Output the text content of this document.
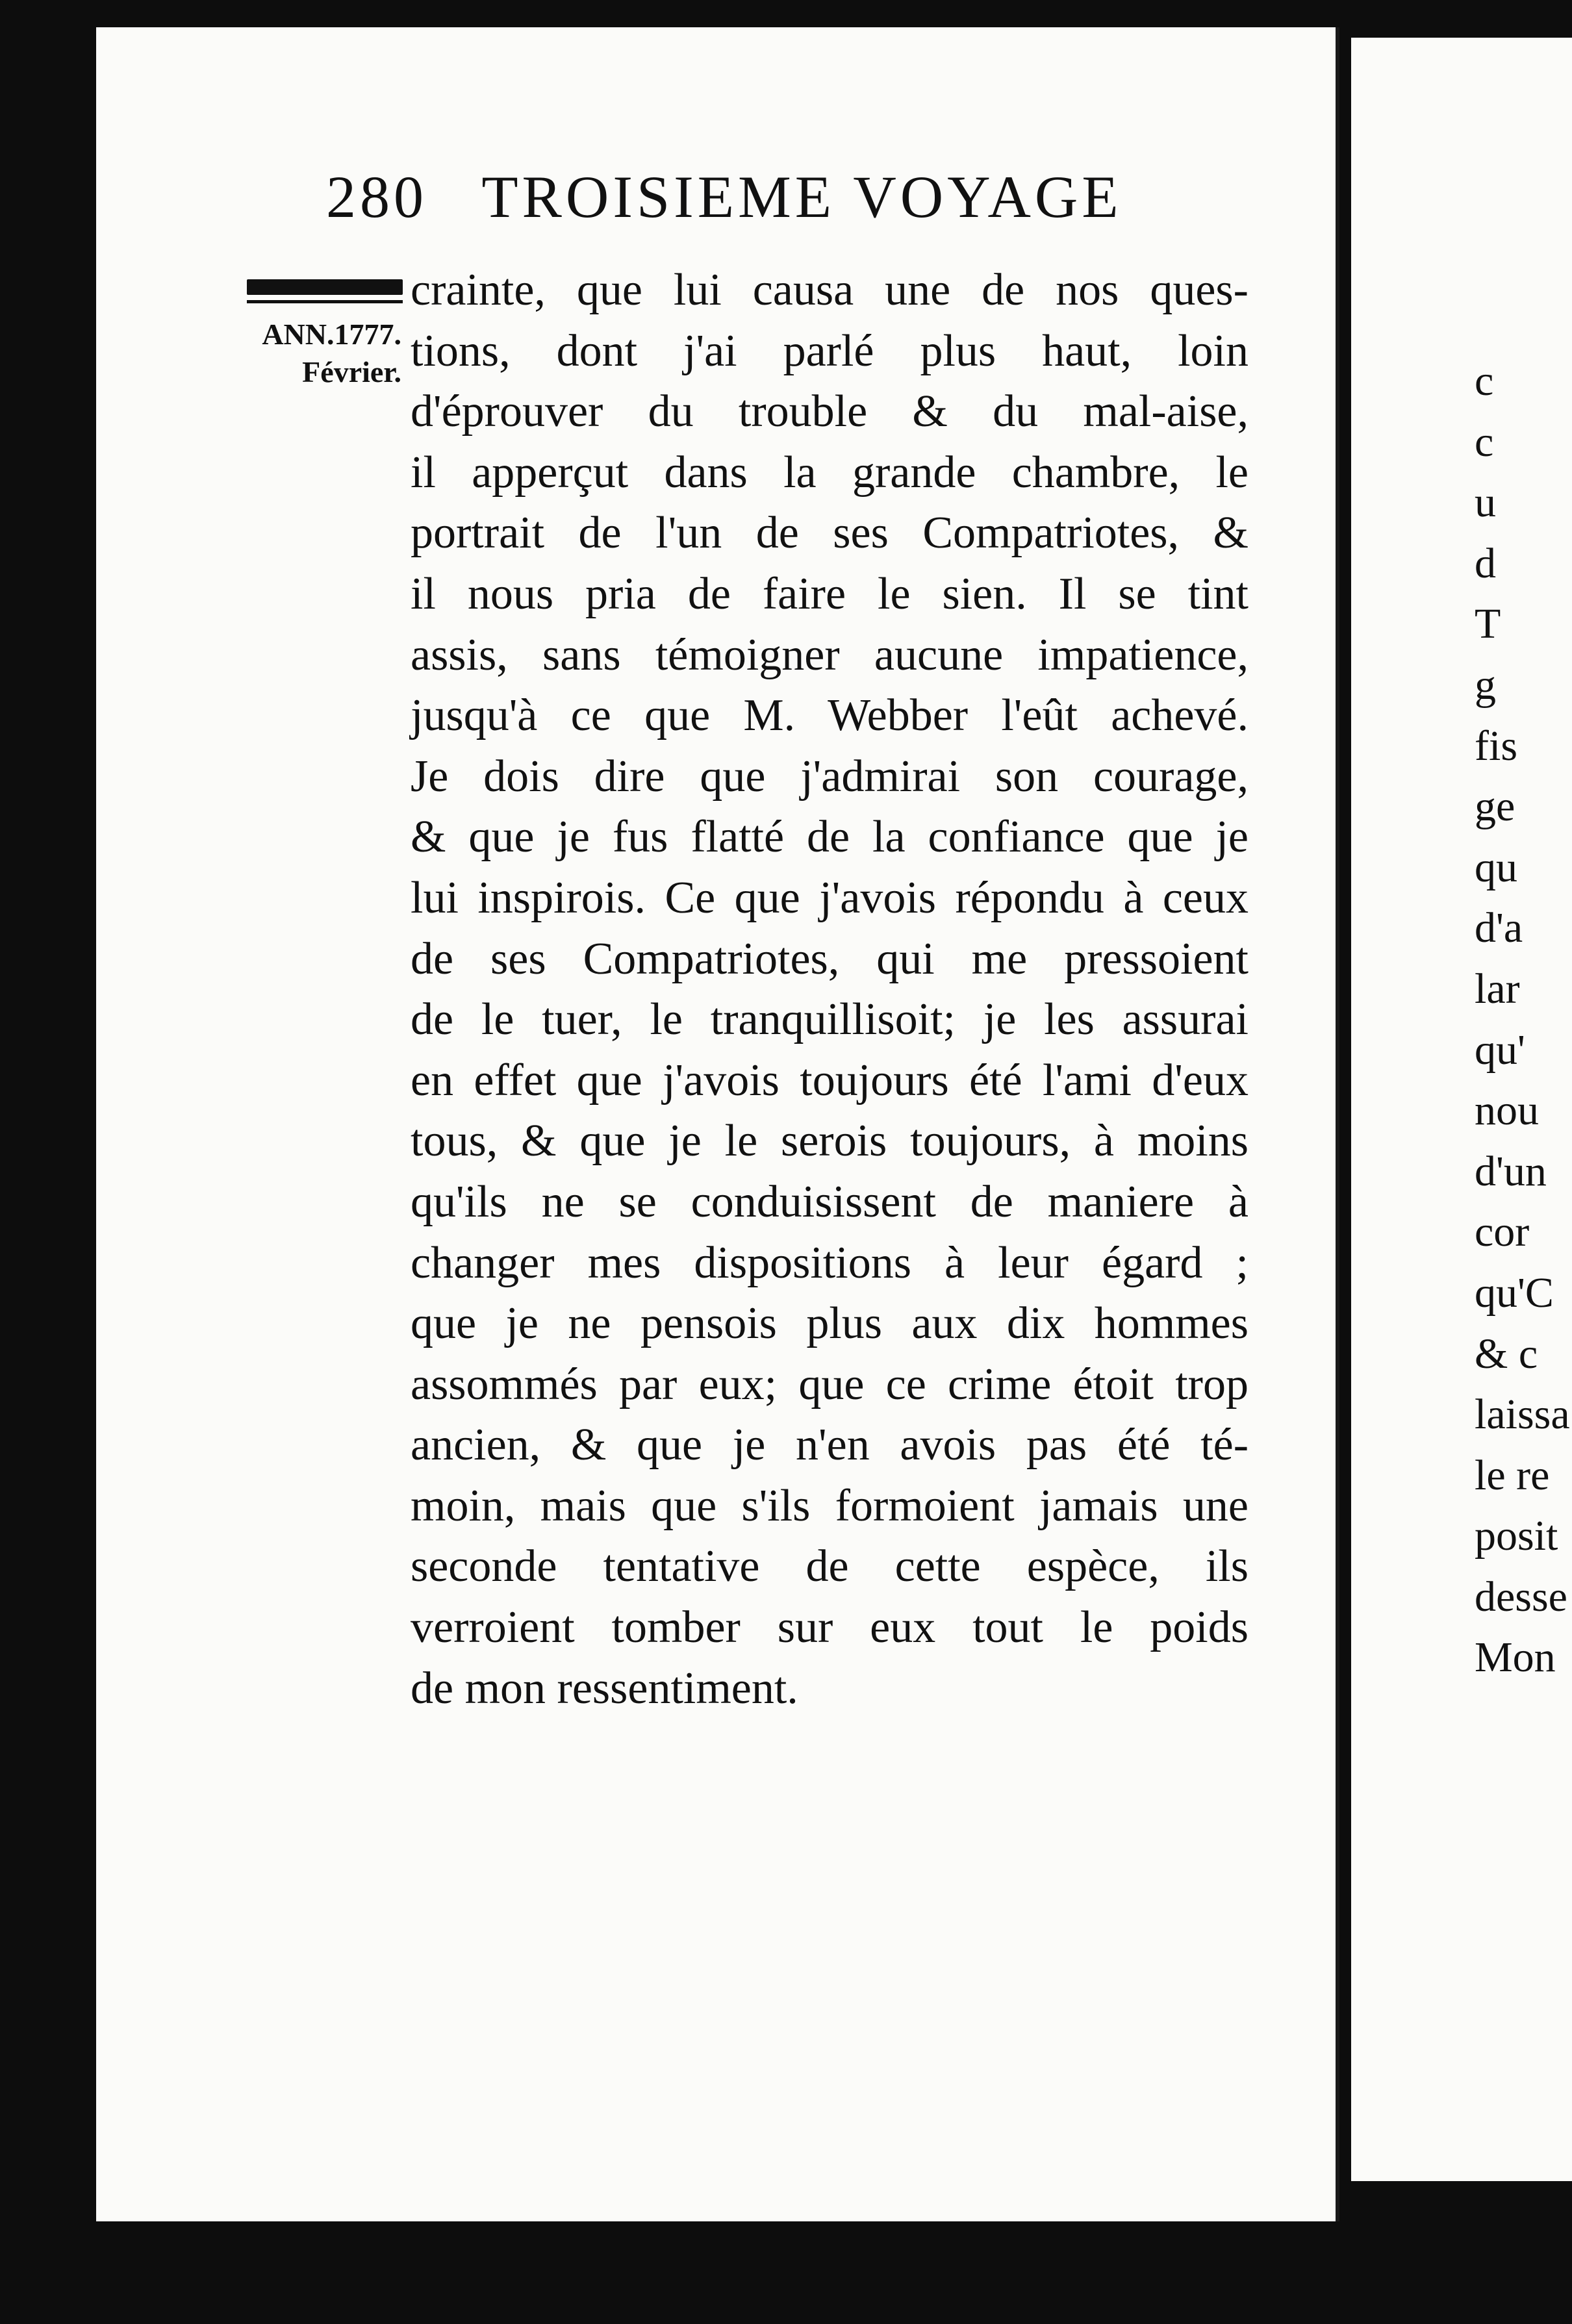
280 TROISIEME VOYAGE
ANN.1777.
Février.
crainte, que lui causa une de nos ques-
tions, dont j'ai parlé plus haut, loin
d'éprouver du trouble & du mal-aise,
il apperçut dans la grande chambre, le
portrait de l'un de ses Compatriotes, &
il nous pria de faire le sien. Il se tint
assis, sans témoigner aucune impatience,
jusqu'à ce que M. Webber l'eût achevé.
Je dois dire que j'admirai son courage,
& que je fus flatté de la confiance que je
lui inspirois. Ce que j'avois répondu à ceux
de ses Compatriotes, qui me pressoient
de le tuer, le tranquillisoit; je les assurai
en effet que j'avois toujours été l'ami d'eux
tous, & que je le serois toujours, à moins
qu'ils ne se conduisissent de maniere à
changer mes dispositions à leur égard ;
que je ne pensois plus aux dix hommes
assommés par eux; que ce crime étoit trop
ancien, & que je n'en avois pas été té-
moin, mais que s'ils formoient jamais une
seconde tentative de cette espèce, ils
verroient tomber sur eux tout le poids
de mon ressentiment.
c
c
u
d
T
g
fis
ge
qu
d'a
lar
qu'
nou
d'un
cor
qu'C
& c
laissa
le re
posit
desse
Mon
